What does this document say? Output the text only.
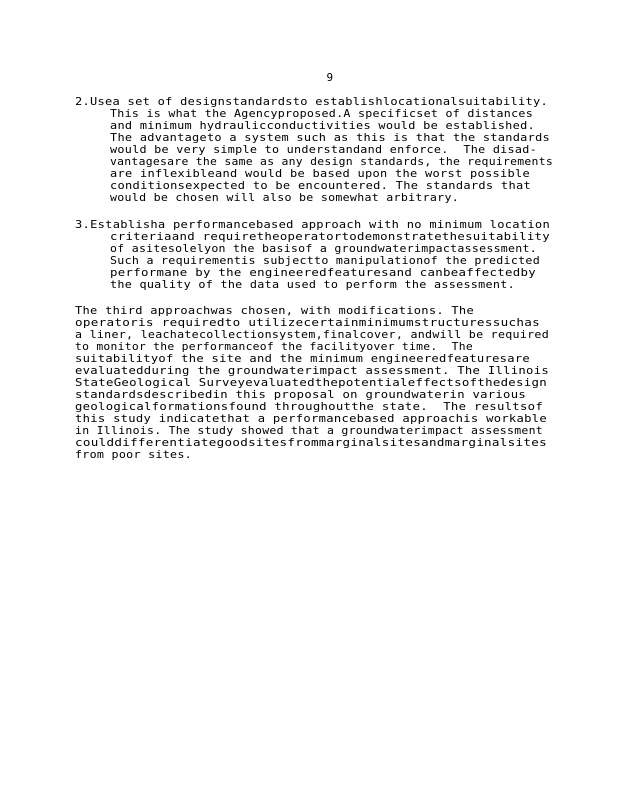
9
2.Usea set of designstandardsto establishlocationalsuitability.
This is what the Agencyproposed.A specificset of distances
and minimum hydraulicconductivities would be established.
The advantageto a system such as this is that the standards
would be very simple to understandand enforce.  The disad-
vantagesare the same as any design standards, the requirements
are inflexibleand would be based upon the worst possible
conditionsexpected to be encountered. The standards that
would be chosen will also be somewhat arbitrary.
3.Establisha performancebased approach with no minimum location
criteriaand requiretheoperatortodemonstratethesuitability
of asitesolelyon the basisof a groundwaterimpactassessment.
Such a requirementis subjectto manipulationof the predicted
performane by the engineeredfeaturesand canbeaffectedby
the quality of the data used to perform the assessment.
The third approachwas chosen, with modifications. The
operatoris requiredto utilizecertainminimumstructuressuchas
a liner, leachatecollectionsystem,finalcover, andwill be required
to monitor the performanceof the facilityover time.  The
suitabilityof the site and the minimum engineeredfeaturesare
evaluatedduring the groundwaterimpact assessment. The Illinois
StateGeological Surveyevaluatedthepotentialeffectsofthedesign
standardsdescribedin this proposal on groundwaterin various
geologicalformationsfound throughoutthe state.  The resultsof
this study indicatethat a performancebased approachis workable
in Illinois. The study showed that a groundwaterimpact assessment
coulddifferentiategoodsitesfrommarginalsitesandmarginalsites
from poor sites.
